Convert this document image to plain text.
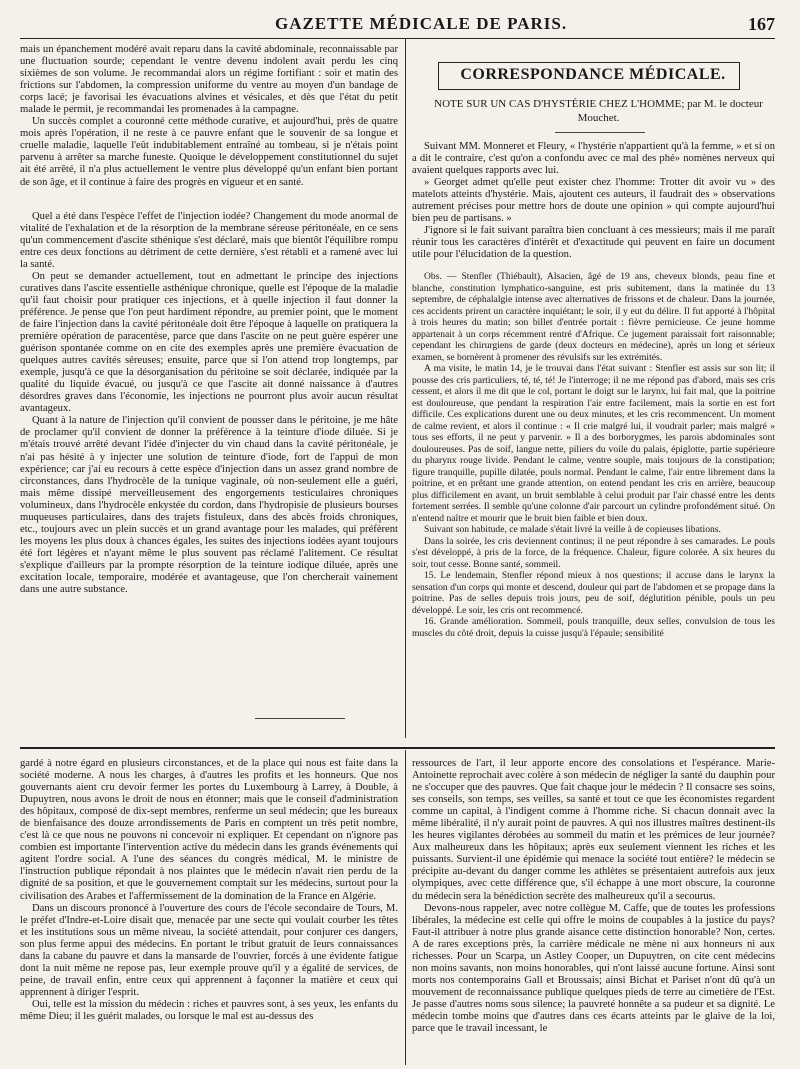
GAZETTE MÉDICALE DE PARIS.	167

mais un épanchement modéré avait reparu dans la cavité abdominale, reconnaissable par une fluctuation sourde; cependant le ventre devenu indolent avait perdu les cinq sixièmes de son volume. Je recommandai alors un régime fortifiant : soir et matin des frictions sur l'abdomen, la compression uniforme du ventre au moyen d'un bandage de corps lacé; je favorisai les évacuations alvines et vésicales, et dès que l'état du petit malade le permit, je recommandai les promenades à la campagne.

Un succès complet a couronné cette méthode curative, et aujourd'hui, près de quatre mois après l'opération, il ne reste à ce pauvre enfant que le souvenir de sa longue et cruelle maladie, laquelle l'eût indubitablement entraîné au tombeau, si je n'étais point parvenu à arrêter sa marche funeste. Quoique le développement constitutionnel du sujet ait été arrêté, il n'a plus actuellement le ventre plus développé qu'un enfant bien portant de son âge, et il continue à faire des progrès en vigueur et en santé.

Quel a été dans l'espèce l'effet de l'injection iodée? Changement du mode anormal de vitalité de l'exhalation et de la résorption de la membrane séreuse péritonéale, en ce sens qu'un commencement d'ascite sthénique s'est déclaré, mais que bientôt l'équilibre rompu entre ces deux fonctions au détriment de cette dernière, s'est rétabli et a ramené avec lui la santé.

On peut se demander actuellement, tout en admettant le principe des injections curatives dans l'ascite essentielle asthénique chronique, quelle est l'époque de la maladie qu'il faut choisir pour pratiquer ces injections, et à quelle injection il faut donner la préférence. Je pense que l'on peut hardiment répondre, au premier point, que le moment de faire l'injection dans la cavité péritonéale doit être l'époque à laquelle on pratiquera la première opération de paracentèse, parce que dans l'ascite on ne peut guère espérer une guérison spontanée comme on en cite des exemples après une première évacuation de quelques autres cavités séreuses; ensuite, parce que si l'on attend trop longtemps, par exemple, jusqu'à ce que la désorganisation du péritoine se soit déclarée, indiquée par la qualité du liquide évacué, ou jusqu'à ce que l'ascite ait donné naissance à d'autres désordres graves dans l'économie, les injections ne pourront plus avoir aucun résultat avantageux.

Quant à la nature de l'injection qu'il convient de pousser dans le péritoine, je me hâte de proclamer qu'il convient de donner la préférence à la teinture d'iode diluée. Si je m'étais trouvé arrêté devant l'idée d'injecter du vin chaud dans la cavité péritonéale, je n'ai pas hésité à y injecter une solution de teinture d'iode, fort de l'appui de mon expérience; car j'ai eu recours à cette espèce d'injection dans un assez grand nombre de circonstances, dans l'hydrocèle de la tunique vaginale, où non-seulement elle a guéri, mais même dissipé merveilleusement des engorgements testiculaires chroniques volumineux, dans l'hydrocèle enkystée du cordon, dans l'hydropisie de plusieurs bourses muqueuses particulaires, dans des trajets fistuleux, dans des abcès froids chroniques, etc., toujours avec un plein succès et un grand avantage pour les malades, qui préfèrent les moyens les plus doux à chances égales, les suites des injections iodées ayant toujours été fort légères et n'ayant même le plus souvent pas réclamé l'alitement. Ce résultat s'explique d'ailleurs par la prompte résorption de la teinture iodique diluée, après une excitation locale, temporaire, modérée et avantageuse, que l'on chercherait vainement dans une autre substance.

CORRESPONDANCE MÉDICALE.
NOTE SUR UN CAS D'HYSTÉRIE CHEZ L'HOMME; par M. le docteur Mouchet.

Suivant MM. Monneret et Fleury, « l'hystérie n'appartient qu'à la femme, » et si on a dit le contraire, c'est qu'on a confondu avec ce mal des phé» nomènes nerveux qui avaient quelques rapports avec lui.

» Georget admet qu'elle peut exister chez l'homme: Trotter dit avoir vu » des matelots atteints d'hystérie. Mais, ajoutent ces auteurs, il faudrait des » observations autrement précises pour mettre hors de doute une opinion » qui compte aujourd'hui bien peu de partisans. »

J'ignore si le fait suivant paraîtra bien concluant à ces messieurs; mais il me paraît réunir tous les caractères d'intérêt et d'exactitude qui peuvent en faire un document utile pour l'élucidation de la question.

Obs. — Stenfler (Thiébault), Alsacien, âgé de 19 ans, cheveux blonds, peau fine et blanche, constitution lymphatico-sanguine, est pris subitement, dans la matinée du 13 septembre, de céphalalgie intense avec alternatives de frissons et de chaleur. Dans la journée, ces accidents prirent un caractère inquiétant; le soir, il y eut du délire. Il fut apporté à l'hôpital à trois heures du matin; son billet d'entrée portait : fièvre pernicieuse. Ce jeune homme appartenait à un corps récemment rentré d'Afrique. Ce jugement paraissait fort raisonnable; cependant les chirurgiens de garde (deux docteurs en médecine), après un long et sérieux examen, se bornèrent à promener des révulsifs sur les extrémités.

A ma visite, le matin 14, je le trouvai dans l'état suivant : Stenfler est assis sur son lit; il pousse des cris particuliers, té, té, té! Je l'interroge; il ne me répond pas d'abord, mais ses cris cessent, et alors il me dit que le col, portant le doigt sur le larynx, lui fait mal, que la poitrine est douloureuse, que pendant la respiration l'air entre facilement, mais la sortie en est fort difficile. Ces explications durent une ou deux minutes, et les cris recommencent. Un moment de calme revient, et alors il continue : « Il crie malgré lui, il voudrait parler; mais malgré » tous ses efforts, il ne peut y parvenir. » Il a des borborygmes, les parois abdominales sont douloureuses. Pas de soif, langue nette, piliers du voile du palais, épiglotte, partie supérieure du pharynx rouge livide. Pendant le calme, ventre souple, mais toujours de la constipation; figure tranquille, pupille dilatée, pouls normal. Pendant le calme, l'air entre librement dans la poitrine, et en prêtant une grande attention, on entend pendant les cris en arrière, beaucoup plus difficilement en avant, un bruit semblable à celui produit par l'air chassé entre les dents fortement serrées. Il semble qu'une colonne d'air parcourt un cylindre profondément situé. On n'entend naître et mourir que le bruit bien faible et bien doux.

Suivant son habitude, ce malade s'était livré la veille à de copieuses libations.

Dans la soirée, les cris deviennent continus; il ne peut répondre à ses camarades. Le pouls s'est développé, à pris de la force, de la fréquence. Chaleur, figure colorée. A six heures du soir, tout cesse. Bonne santé, sommeil.

15. Le lendemain, Stenfler répond mieux à nos questions; il accuse dans le larynx la sensation d'un corps qui monte et descend, douleur qui part de l'abdomen et se propage dans la poitrine. Pas de selles depuis trois jours, peu de soif, déglutition pénible, pouls un peu développé. Le soir, les cris ont recommencé.

16. Grande amélioration. Sommeil, pouls tranquille, deux selles, convulsion de tous les muscles du côté droit, depuis la cuisse jusqu'à l'épaule; sensibilité

gardé à notre égard en plusieurs circonstances, et de la place qui nous est faite dans la société moderne. A nous les charges, à d'autres les profits et les honneurs. Que nos gouvernants aient cru devoir fermer les portes du Luxembourg à Larrey, à Double, à Dupuytren, nous avons le droit de nous en étonner; mais que le conseil d'administration des hôpitaux, composé de dix-sept membres, renferme un seul médecin; que les bureaux de bienfaisance des douze arrondissements de Paris en comptent un très petit nombre, c'est là ce que nous ne pouvons ni concevoir ni expliquer. Et cependant on n'ignore pas combien est importante l'intervention active du médecin dans les grands événements qui agitent l'ordre social. A l'une des séances du congrès médical, M. le ministre de l'instruction publique répondait à nos plaintes que le médecin n'avait rien perdu de la dignité de sa position, et que le gouvernement comptait sur les médecins, surtout pour la civilisation des Arabes et l'affermissement de la domination de la France en Algérie.

Dans un discours prononcé à l'ouverture des cours de l'école secondaire de Tours, M. le préfet d'Indre-et-Loire disait que, menacée par une secte qui voulait courber les têtes et les institutions sous un même niveau, la société attendait, pour conjurer ces dangers, son plus ferme appui des médecins. En portant le tribut gratuit de leurs connaissances dans la cabane du pauvre et dans la mansarde de l'ouvrier, forcés à une évidente fatigue dont la nuit même ne repose pas, leur exemple prouve qu'il y a égalité de services, de peine, de travail enfin, entre ceux qui apprennent à façonner la matière et ceux qui apprennent à diriger l'esprit.

Oui, telle est la mission du médecin : riches et pauvres sont, à ses yeux, les enfants du même Dieu; il les guérit malades, ou lorsque le mal est au-dessus des

ressources de l'art, il leur apporte encore des consolations et l'espérance. Marie-Antoinette reprochait avec colère à son médecin de négliger la santé du dauphin pour ne s'occuper que des pauvres. Que fait chaque jour le médecin ? Il consacre ses soins, ses conseils, son temps, ses veilles, sa santé et tout ce que les économistes regardent comme un capital, à l'indigent comme à l'homme riche. Si chacun donnait avec la même libéralité, il n'y aurait point de pauvres. A qui nos illustres maîtres destinent-ils les heures vigilantes dérobées au sommeil du matin et les prémices de leur journée? Aux malheureux dans les hôpitaux; après eux seulement viennent les riches et les puissants. Survient-il une épidémie qui menace la société tout entière? le médecin se précipite au-devant du danger comme les athlètes se présentaient autrefois aux jeux olympiques, avec cette différence que, s'il échappe à une mort obscure, la couronne du médecin sera la bénédiction secrète des malheureux qu'il a secourus.

Devons-nous rappeler, avec notre collègue M. Caffe, que de toutes les professions libérales, la médecine est celle qui offre le moins de coupables à la justice du pays? Faut-il attribuer à notre plus grande aisance cette distinction honorable? Non, certes. A de rares exceptions près, la carrière médicale ne mène ni aux honneurs ni aux richesses. Pour un Scarpa, un Astley Cooper, un Dupuytren, on cite cent médecins non moins savants, non moins honorables, qui n'ont laissé aucune fortune. Ainsi sont morts nos contemporains Gall et Broussais; ainsi Bichat et Pariset n'ont dû qu'à un mouvement de reconnaissance publique quelques pieds de terre au cimetière de l'Est. Je passe d'autres noms sous silence; la pauvreté honnête a sa pudeur et sa dignité. Le médecin tombe moins que d'autres dans ces écarts atteints par le glaive de la loi, parce que le travail incessant, le
